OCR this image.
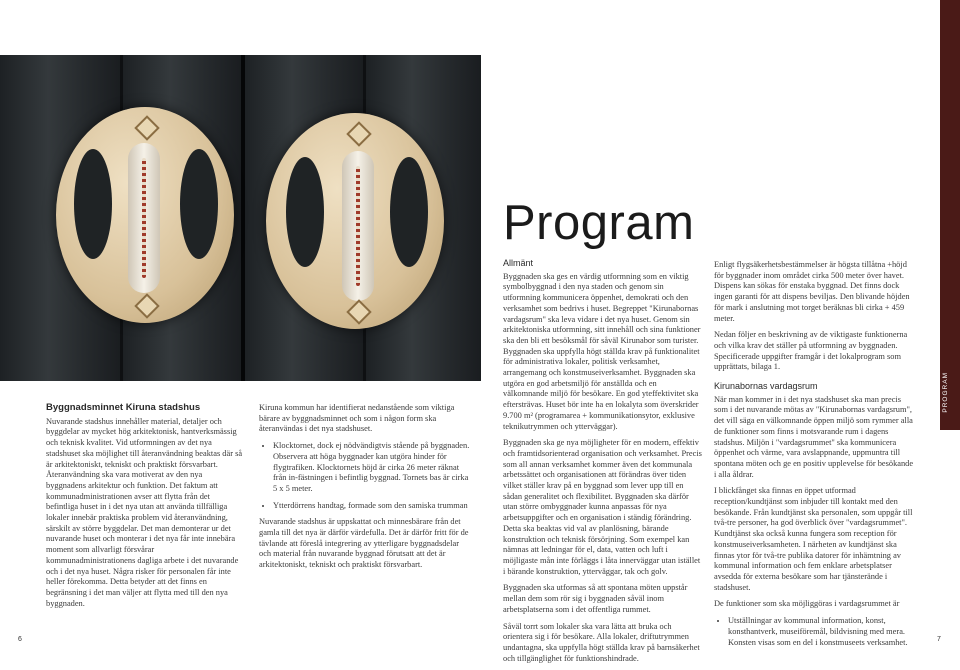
Program
Byggnadsminnet Kiruna stadshus

Nuvarande stadshus innehåller material, detaljer och byggdelar av mycket hög arkitektonisk, hantverksmässig och teknisk kvalitet. Vid utformningen av det nya stadshuset ska möjlighet till återanvändning beaktas där så är arkitektoniskt, tekniskt och praktiskt försvarbart. Återanvändning ska vara motiverat av den nya byggnadens arkitektur och funktion. Det faktum att kommunadministrationen avser att flytta från det befintliga huset in i det nya utan att använda tillfälliga lokaler innebär praktiska problem vid återanvändning, särskilt av större byggdelar. Det man demonterar ur det nuvarande huset och monterar i det nya får inte innebära moment som allvarligt försvårar kommunadministrationens dagliga arbete i det nuvarande och i det nya huset. Några risker för personalen får inte heller förekomma. Detta betyder att det finns en begränsning i det man väljer att flytta med till den nya byggnaden.

Kiruna kommun har identifierat nedanstående som viktiga bärare av byggnadsminnet och som i någon form ska återanvändas i det nya stadshuset.

• Klocktornet, dock ej nödvändigtvis stående på byggnaden. Observera att höga byggnader kan utgöra hinder för flygtrafiken. Klocktornets höjd är cirka 26 meter räknat från in-fästningen i befintlig byggnad. Tornets bas är cirka 5 x 5 meter.
• Ytterdörrens handtag, formade som den samiska trumman

Nuvarande stadshus är uppskattat och minnesbärare från det gamla till det nya är därför värdefulla. Det är därför fritt för de tävlande att föreslå integrering av ytterligare byggnadsdelar och material från nuvarande byggnad förutsatt att det är arkitektoniskt, tekniskt och praktiskt försvarbart.

Allmänt

Byggnaden ska ges en värdig utformning som en viktig symbolbyggnad i den nya staden och genom sin utformning kommunicera öppenhet, demokrati och den verksamhet som bedrivs i huset. Begreppet "Kirunabornas vardagsrum" ska leva vidare i det nya huset. Genom sin arkitektoniska utformning, sitt innehåll och sina funktioner ska den bli ett besöksmål för såväl Kirunabor som turister. Byggnaden ska uppfylla högt ställda krav på funktionalitet för administrativa lokaler, politisk verksamhet, arrangemang och konstmuseiverksamhet. Byggnaden ska utgöra en god arbetsmiljö för anställda och en välkomnande miljö för besökare. En god yteffektivitet ska eftersträvas. Huset bör inte ha en lokalyta som överskrider 9.700 m² (programarea + kommunikationsytor, exklusive teknikutrymmen och ytterväggar).

Byggnaden ska ge nya möjligheter för en modern, effektiv och framtidsorienterad organisation och verksamhet. Precis som all annan verksamhet kommer även det kommunala arbetssättet och organisationen att förändras över tiden vilket ställer krav på en byggnad som lever upp till en sådan generalitet och flexibilitet. Byggnaden ska därför utan större ombyggnader kunna anpassas för nya arbetsuppgifter och en organisation i ständig förändring. Detta ska beaktas vid val av planlösning, bärande konstruktion och teknisk försörjning. Som exempel kan nämnas att ledningar för el, data, vatten och luft i möjligaste mån inte förläggs i låta innerväggar utan istället i bärande konstruktion, ytterväggar, tak och golv.

Byggnaden ska utformas så att spontana möten uppstår mellan dem som rör sig i byggnaden såväl inom arbetsplatserna som i det offentliga rummet.

Såväl torrt som lokaler ska vara lätta att bruka och orientera sig i för besökare. Alla lokaler, driftutrymmen undantagna, ska uppfylla högt ställda krav på barnsäkerhet och tillgänglighet för funktionshindrade.

Enligt flygsäkerhetsbestämmelser är högsta tillåtna +höjd för byggnader inom området cirka 500 meter över havet. Dispens kan sökas för enstaka byggnad. Det finns dock ingen garanti för att dispens beviljas. Den blivande höjden för mark i anslutning mot torget beräknas bli cirka + 459 meter.

Nedan följer en beskrivning av de viktigaste funktionerna och vilka krav det ställer på utformning av byggnaden. Specificerade uppgifter framgår i det lokalprogram som upprättats, bilaga 1.

Kirunabornas vardagsrum

När man kommer in i det nya stadshuset ska man precis som i det nuvarande mötas av "Kirunabornas vardagsrum", det vill säga en välkomnande öppen miljö som rymmer alla de funktioner som finns i motsvarande rum i dagens stadshus. Miljön i "vardagsrummet" ska kommunicera öppenhet och värme, vara avslappnande, uppmuntra till spontana möten och ge en positiv upplevelse för besökande i alla åldrar.

I blickfånget ska finnas en öppet utformad reception/kundtjänst som inbjuder till kontakt med den besökande. Från kundtjänst ska personalen, som uppgår till två-tre personer, ha god överblick över "vardagsrummet". Kundtjänst ska också kunna fungera som reception för konstmuseiverksamheten. I närheten av kundtjänst ska finnas ytor för två-tre publika datorer för inhämtning av kommunal information och fem enklare arbetsplatser avsedda för externa besökare som har tjänsterände i stadshuset.

De funktioner som ska möjliggöras i vardagsrummet är

• Utställningar av kommunal information, konst, konsthantverk, museiföremål, bildvisning med mera. Konsten visas som en del i konstmuseets verksamhet.
PROGRAM
6	7
